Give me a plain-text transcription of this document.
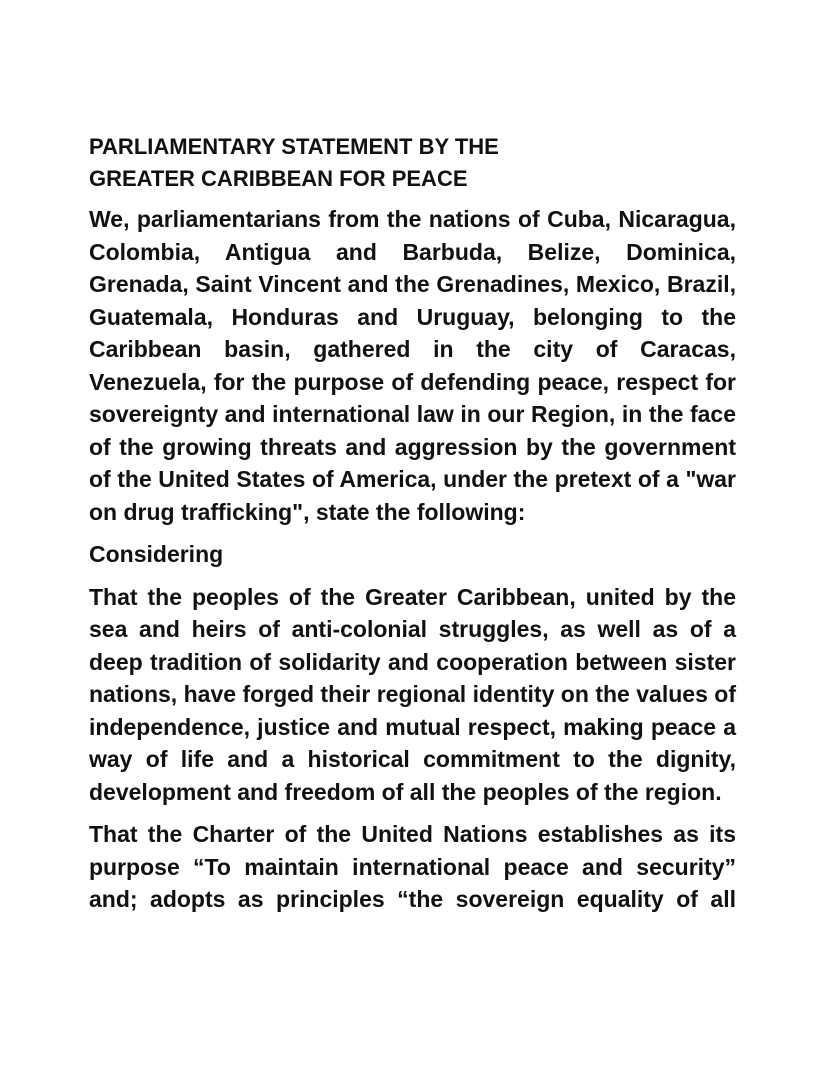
PARLIAMENTARY STATEMENT BY THE
GREATER CARIBBEAN FOR PEACE

We, parliamentarians from the nations of Cuba, Nicaragua, Colombia, Antigua and Barbuda, Belize, Dominica, Grenada, Saint Vincent and the Grenadines, Mexico, Brazil, Guatemala, Honduras and Uruguay, belonging to the Caribbean basin, gathered in the city of Caracas, Venezuela, for the purpose of defending peace, respect for sovereignty and international law in our Region, in the face of the growing threats and aggression by the government of the United States of America, under the pretext of a "war on drug trafficking", state the following:

Considering

That the peoples of the Greater Caribbean, united by the sea and heirs of anti-colonial struggles, as well as of a deep tradition of solidarity and cooperation between sister nations, have forged their regional identity on the values of independence, justice and mutual respect, making peace a way of life and a historical commitment to the dignity, development and freedom of all the peoples of the region.

That the Charter of the United Nations establishes as its purpose “To maintain international peace and security” and; adopts as principles “the sovereign equality of all
